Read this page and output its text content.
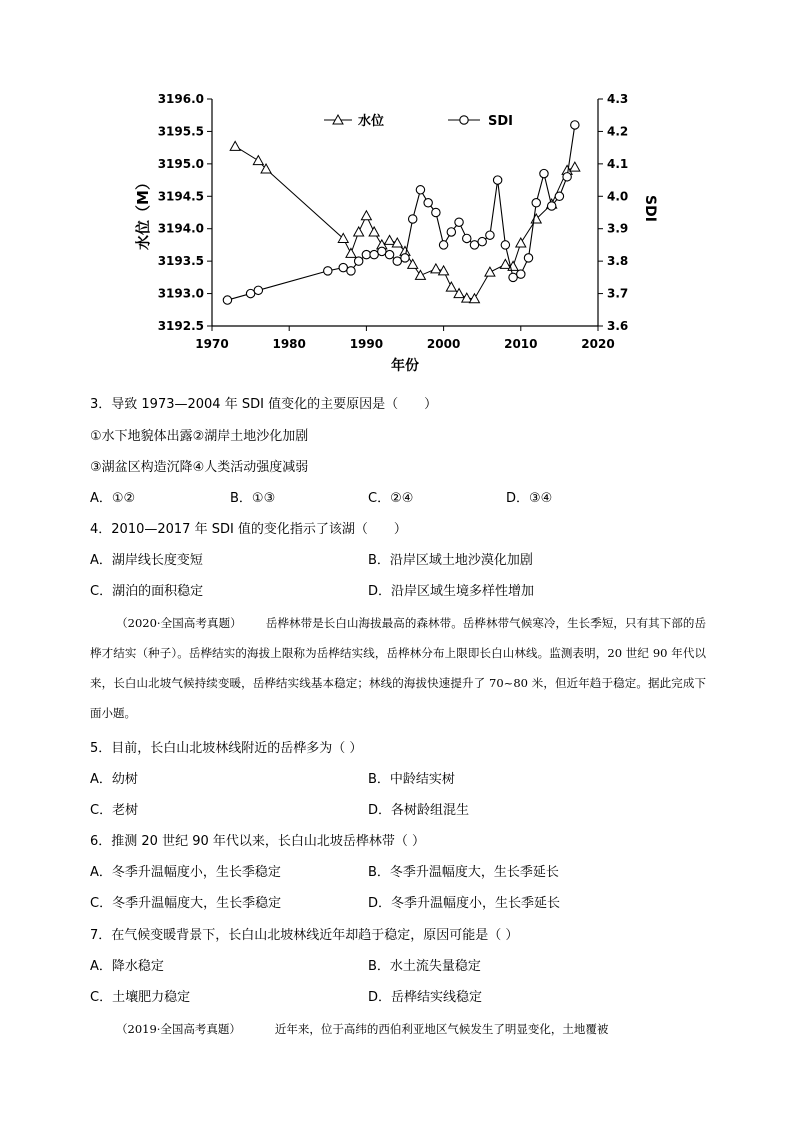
1970	1980	1990	2000	2010	2020
3192.5
3193.0
3193.5
3194.0
3194.5
3195.0
3195.5
3196.0
3.6
3.7
3.8
3.9
4.0
4.1
4.2
4.3
年份
水位（M）	SDI
水位	SDI
3．导致 1973—2004 年 SDI 值变化的主要原因是（　　）
①水下地貌体出露②湖岸土地沙化加剧
③湖盆区构造沉降④人类活动强度减弱
A．①②	B．①③	C．②④	D．③④
4．2010—2017 年 SDI 值的变化指示了该湖（　　）
A．湖岸线长度变短	B．沿岸区域土地沙漠化加剧
C．湖泊的面积稳定	D．沿岸区域生境多样性增加
（2020·全国高考真题） 岳桦林带是长白山海拔最高的森林带。岳桦林带气候寒冷，生长季短，只有其下部的岳桦才结实（种子）。岳桦结实的海拔上限称为岳桦结实线，岳桦林分布上限即长白山林线。监测表明，20 世纪 90 年代以来，长白山北坡气候持续变暖，岳桦结实线基本稳定；林线的海拔快速提升了 70~80 米，但近年趋于稳定。据此完成下面小题。
5．目前，长白山北坡林线附近的岳桦多为（ ）
A．幼树	B．中龄结实树
C．老树	D．各树龄组混生
6．推测 20 世纪 90 年代以来，长白山北坡岳桦林带（ ）
A．冬季升温幅度小，生长季稳定	B．冬季升温幅度大，生长季延长
C．冬季升温幅度大，生长季稳定	D．冬季升温幅度小，生长季延长
7．在气候变暖背景下，长白山北坡林线近年却趋于稳定，原因可能是（ ）
A．降水稳定	B．水土流失量稳定
C．土壤肥力稳定	D．岳桦结实线稳定
（2019·全国高考真题）	近年来，位于高纬的西伯利亚地区气候发生了明显变化，土地覆被
